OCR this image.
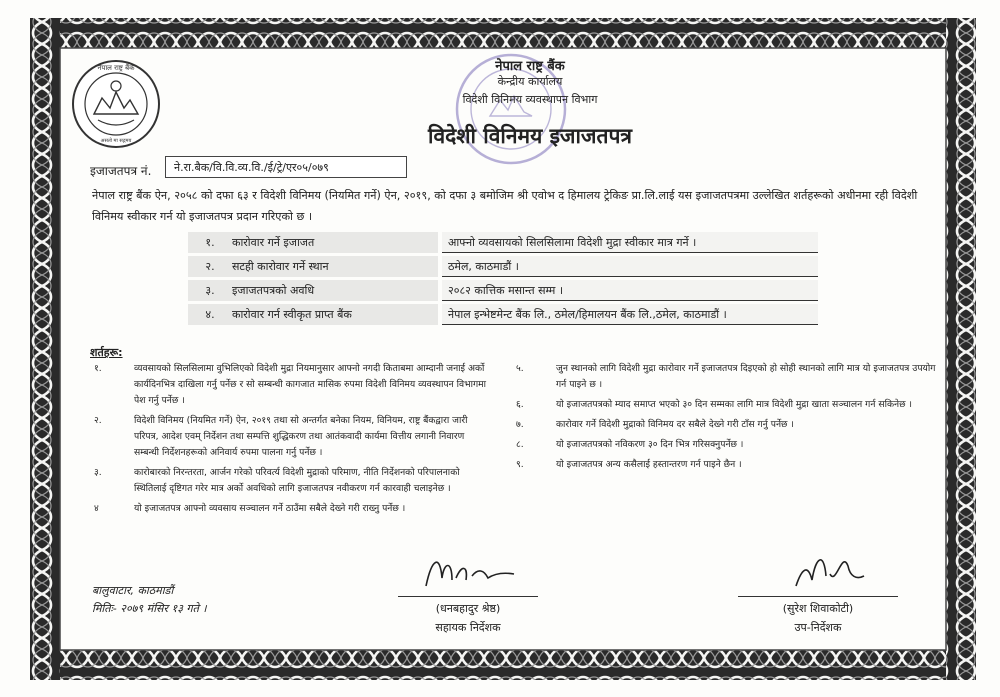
नेपाल राष्ट्र बैंक
असतो मा सद्गमय
नेपाल राष्ट्र बैंक
केन्द्रीय कार्यालय
विदेशी विनिमय व्यवस्थापन विभाग
विदेशी विनिमय इजाजतपत्र
इजाजतपत्र नं.	ने.रा.बैक/वि.वि.व्य.वि./ई/ट्रे/एर०५/०७९
नेपाल राष्ट्र बैंक ऐन, २०५८ को दफा ६३ र विदेशी विनिमय (नियमित गर्ने) ऐन, २०१९, को दफा ३ बमोजिम श्री एवोभ द हिमालय ट्रेकिङ प्रा.लि.लाई यस इजाजतपत्रमा उल्लेखित शर्तहरूको अधीनमा रही विदेशी विनिमय स्वीकार गर्न यो इजाजतपत्र प्रदान गरिएको छ ।
१.	कारोवार गर्ने इजाजत	आफ्नो व्यवसायको सिलसिलामा विदेशी मुद्रा स्वीकार मात्र गर्ने ।
२.	सटही कारोवार गर्ने स्थान	ठमेल, काठमाडौं ।
३.	इजाजतपत्रको अवधि	२०८२ कात्तिक मसान्त सम्म ।
४.	कारोवार गर्न स्वीकृत प्राप्त बैंक	नेपाल इन्भेष्टमेन्ट बैंक लि., ठमेल/हिमालयन बैंक लि.,ठमेल, काठमाडौं ।
शर्तहरू:
१.	व्यवसायको सिलसिलामा वुभिलिएको विदेशी मुद्रा नियमानुसार आफ्नो नगदी किताबमा आम्दानी जनाई अर्को कार्यदिनभित्र दाखिला गर्नु पर्नेछ र सो सम्बन्धी कागजात मासिक रुपमा विदेशी विनिमय व्यवस्थापन विभागमा पेश गर्नु पर्नेछ ।
२.	विदेशी विनिमय (नियमित गर्ने) ऐन, २०१९ तथा सो अन्तर्गत बनेका नियम, विनियम, राष्ट्र बैंकद्वारा जारी परिपत्र, आदेश एवम् निर्देशन तथा सम्पत्ति शुद्धिकरण तथा आतंकवादी कार्यमा वित्तीय लगानी निवारण सम्बन्धी निर्देशनहरूको अनिवार्य रुपमा पालना गर्नु पर्नेछ ।
३.	कारोबारको निरन्तरता, आर्जन गरेको परिवर्त्य विदेशी मुद्राको परिमाण, नीति निर्देशनको परिपालनाको स्थितिलाई दृष्टिगत गरेर मात्र अर्को अवधिको लागि इजाजतपत्र नवीकरण गर्न कारवाही चलाइनेछ ।
४	यो इजाजतपत्र आफ्नो व्यवसाय सञ्चालन गर्ने ठाउँमा सबैले देख्ने गरी राख्नु पर्नेछ ।
५.	जुन स्थानको लागि विदेशी मुद्रा कारोवार गर्ने इजाजतपत्र दिइएको हो सोही स्थानको लागि मात्र यो इजाजतपत्र उपयोग गर्न पाइने छ ।
६.	यो इजाजतपत्रको म्याद समाप्त भएको ३० दिन सम्मका लागि मात्र विदेशी मुद्रा खाता सञ्चालन गर्न सकिनेछ ।
७.	कारोवार गर्ने विदेशी मुद्राको विनिमय दर सबैले देख्ने गरी टाँस गर्नु पर्नेछ ।
८.	यो इजाजतपत्रको नविकरण ३० दिन भित्र गरिसक्नुपर्नेछ ।
९.	यो इजाजतपत्र अन्य कसैलाई हस्तान्तरण गर्न पाइने छैन ।
बालुवाटार, काठमाडौं
मितिः- २०७९ मंसिर १३ गते ।	(धनबहादुर श्रेष्ठ)
सहायक निर्देशक
(सुरेश शिवाकोटी)
उप-निर्देशक
